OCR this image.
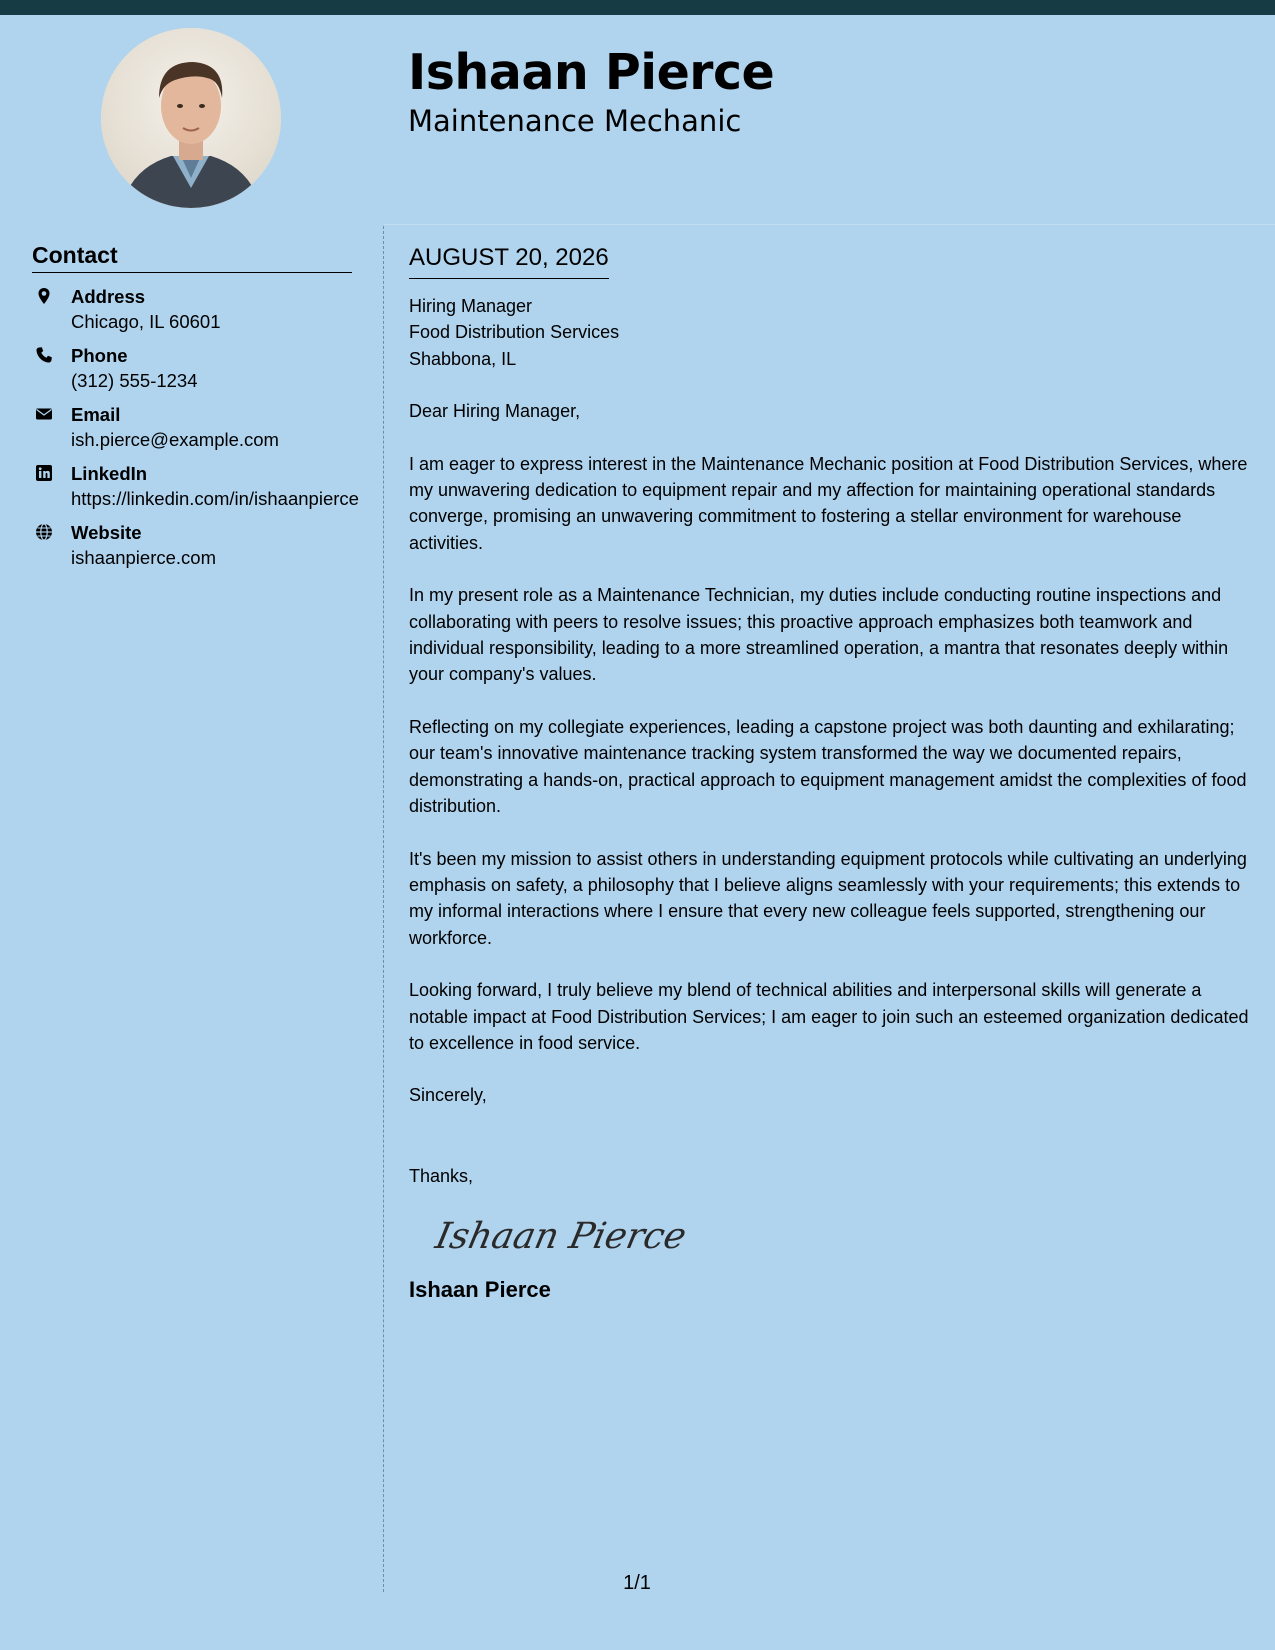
Ishaan Pierce
Maintenance Mechanic
Contact
Address
Chicago, IL 60601
Phone
(312) 555-1234
Email
ish.pierce@example.com
LinkedIn
https://linkedin.com/in/ishaanpierce
Website
ishaanpierce.com
AUGUST 20, 2026
Hiring Manager
Food Distribution Services
Shabbona, IL

Dear Hiring Manager,

I am eager to express interest in the Maintenance Mechanic position at Food Distribution Services, where my unwavering dedication to equipment repair and my affection for maintaining operational standards converge, promising an unwavering commitment to fostering a stellar environment for warehouse activities.

In my present role as a Maintenance Technician, my duties include conducting routine inspections and collaborating with peers to resolve issues; this proactive approach emphasizes both teamwork and individual responsibility, leading to a more streamlined operation, a mantra that resonates deeply within your company's values.

Reflecting on my collegiate experiences, leading a capstone project was both daunting and exhilarating; our team's innovative maintenance tracking system transformed the way we documented repairs, demonstrating a hands-on, practical approach to equipment management amidst the complexities of food distribution.

It's been my mission to assist others in understanding equipment protocols while cultivating an underlying emphasis on safety, a philosophy that I believe aligns seamlessly with your requirements; this extends to my informal interactions where I ensure that every new colleague feels supported, strengthening our workforce.

Looking forward, I truly believe my blend of technical abilities and interpersonal skills will generate a notable impact at Food Distribution Services; I am eager to join such an esteemed organization dedicated to excellence in food service.

Sincerely,

Thanks,

Ishaan Pierce
Ishaan Pierce
1/1
